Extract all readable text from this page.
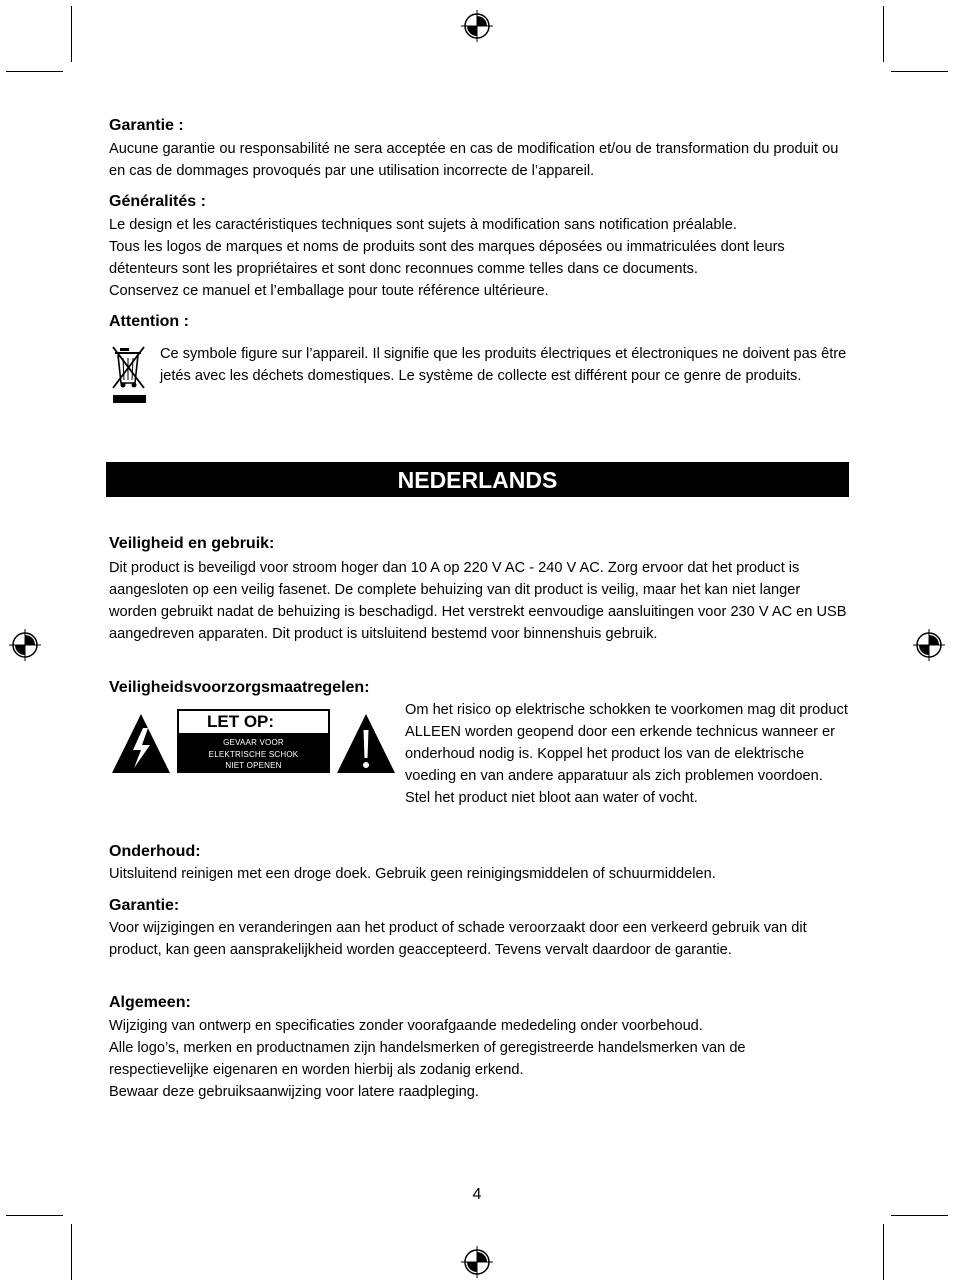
Garantie :

Aucune garantie ou responsabilité ne sera acceptée en cas de modification et/ou de transformation du produit ou en cas de dommages provoqués par une utilisation incorrecte de l’appareil.

Généralités :

Le design et les caractéristiques techniques sont sujets à modification sans notification préalable.

Tous les logos de marques et noms de produits sont des marques déposées ou immatriculées dont leurs détenteurs sont les propriétaires et sont donc reconnues comme telles dans ce documents.

Conservez ce manuel et l’emballage pour toute référence ultérieure.

Attention :

Ce symbole figure sur l’appareil. Il signifie que les produits électriques et électroniques ne doivent pas être jetés avec les déchets domestiques. Le système de collecte est différent pour ce genre de produits.

NEDERLANDS
Veiligheid en gebruik:

Dit product is beveiligd voor stroom hoger dan 10 A op 220 V AC - 240 V AC. Zorg ervoor dat het product is aangesloten op een veilig fasenet. De complete behuizing van dit product is veilig, maar het kan niet langer worden gebruikt nadat de behuizing is beschadigd. Het verstrekt eenvoudige aansluitingen voor 230 V AC en USB aangedreven apparaten. Dit product is uitsluitend bestemd voor binnenshuis gebruik.

Veiligheidsvoorzorgsmaatregelen:
LET OP:
GEVAAR VOOR
ELEKTRISCHE SCHOK
NIET OPENEN

Om het risico op elektrische schokken te voorkomen mag dit product ALLEEN worden geopend door een erkende technicus wanneer er onderhoud nodig is. Koppel het product los van de elektrische voeding en van andere apparatuur als zich problemen voordoen. Stel het product niet bloot aan water of vocht.

Onderhoud:

Uitsluitend reinigen met een droge doek. Gebruik geen reinigingsmiddelen of schuurmiddelen.

Garantie:

Voor wijzigingen en veranderingen aan het product of schade veroorzaakt door een verkeerd gebruik van dit product, kan geen aansprakelijkheid worden geaccepteerd. Tevens vervalt daardoor de garantie.

Algemeen:

Wijziging van ontwerp en specificaties zonder voorafgaande mededeling onder voorbehoud.

Alle logo’s, merken en productnamen zijn handelsmerken of geregistreerde handelsmerken van de respectievelijke eigenaren en worden hierbij als zodanig erkend.

Bewaar deze gebruiksaanwijzing voor latere raadpleging.

4
